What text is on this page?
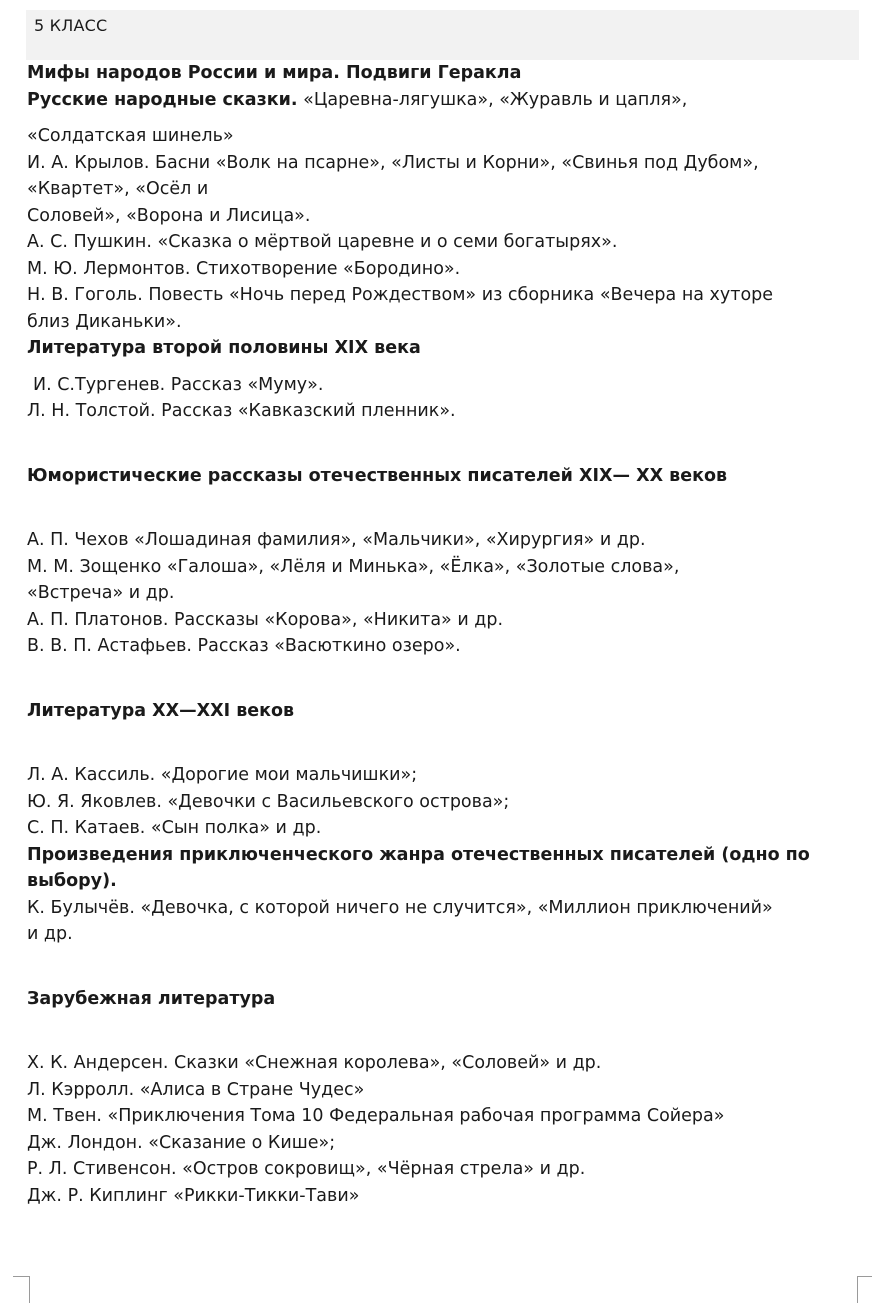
5 КЛАСС
Мифы народов России и мира. Подвиги Геракла
Русские народные сказки. «Царевна-лягушка», «Журавль и цапля»,
«Солдатская шинель»
И. А. Крылов. Басни «Волк на псарне», «Листы и Корни», «Свинья под Дубом»,
«Квартет», «Осёл и
Соловей», «Ворона и Лисица».
А. С. Пушкин. «Сказка о мёртвой царевне и о семи богатырях».
М. Ю. Лермонтов. Стихотворение «Бородино».
Н. В. Гоголь. Повесть «Ночь перед Рождеством» из сборника «Вечера на хуторе
близ Диканьки».
Литература второй половины XIX века
И. С.Тургенев. Рассказ «Муму».
Л. Н. Толстой. Рассказ «Кавказский пленник».
Юмористические рассказы отечественных писателей XIX— XX веков
А. П. Чехов «Лошадиная фамилия», «Мальчики», «Хирургия» и др.
М. М. Зощенко «Галоша», «Лёля и Минька», «Ёлка», «Золотые слова»,
«Встреча» и др.
А. П. Платонов. Рассказы «Корова», «Никита» и др.
В. В. П. Астафьев. Рассказ «Васюткино озеро».
Литература XX—XXI веков
Л. А. Кассиль. «Дорогие мои мальчишки»;
Ю. Я. Яковлев. «Девочки с Васильевского острова»;
С. П. Катаев. «Сын полка» и др.
Произведения приключенческого жанра отечественных писателей (одно по
выбору).
К. Булычёв. «Девочка, с которой ничего не случится», «Миллион приключений»
и др.
Зарубежная литература
Х. К. Андерсен. Сказки «Снежная королева», «Соловей» и др.
Л. Кэрролл. «Алиса в Стране Чудес»
М. Твен. «Приключения Тома 10 Федеральная рабочая программа Сойера»
Дж. Лондон. «Сказание о Кише»;
Р. Л. Стивенсон. «Остров сокровищ», «Чёрная стрела» и др.
Дж. Р. Киплинг «Рикки-Тикки-Тави»
